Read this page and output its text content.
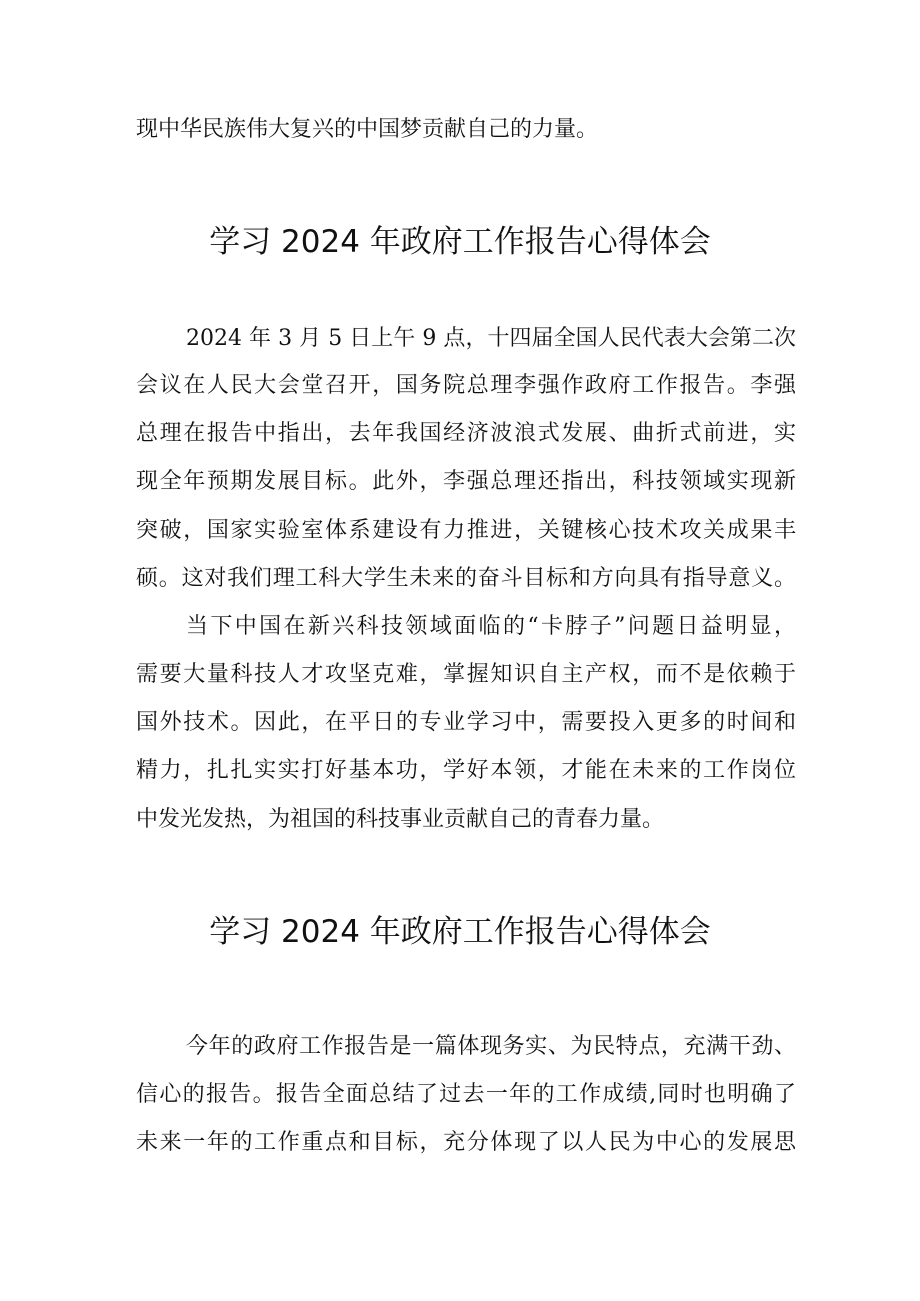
现中华民族伟大复兴的中国梦贡献自己的力量。
学习 2024 年政府工作报告心得体会
2024 年 3 月 5 日上午 9 点，十四届全国人民代表大会第二次
会议在人民大会堂召开，国务院总理李强作政府工作报告。李强
总理在报告中指出，去年我国经济波浪式发展、曲折式前进，实
现全年预期发展目标。此外，李强总理还指出，科技领域实现新
突破，国家实验室体系建设有力推进，关键核心技术攻关成果丰
硕。这对我们理工科大学生未来的奋斗目标和方向具有指导意义。
当下中国在新兴科技领域面临的“卡脖子”问题日益明显，
需要大量科技人才攻坚克难，掌握知识自主产权，而不是依赖于
国外技术。因此，在平日的专业学习中，需要投入更多的时间和
精力，扎扎实实打好基本功，学好本领，才能在未来的工作岗位
中发光发热，为祖国的科技事业贡献自己的青春力量。
学习 2024 年政府工作报告心得体会
今年的政府工作报告是一篇体现务实、为民特点，充满干劲、
信心的报告。报告全面总结了过去一年的工作成绩,同时也明确了
未来一年的工作重点和目标，充分体现了以人民为中心的发展思
